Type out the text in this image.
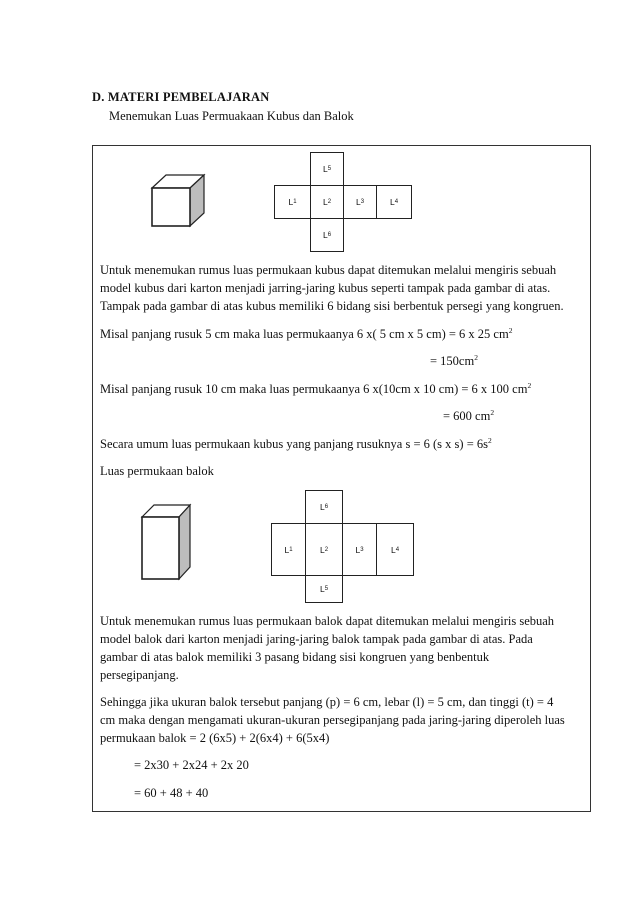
D. MATERI PEMBELAJARAN
Menemukan Luas Permuakaan Kubus dan Balok
L 5
L 1	L 2	L 3	L 4
L 6
Untuk menemukan rumus luas permukaan kubus dapat ditemukan melalui mengiris sebuah
model kubus dari karton menjadi jarring-jaring kubus seperti tampak pada gambar di atas.
Tampak pada gambar di atas kubus memiliki 6 bidang sisi berbentuk persegi yang kongruen.
Misal panjang rusuk 5 cm maka luas permukaanya 6 x( 5 cm x 5 cm) = 6 x 25 $cm^2$
= $150cm^2$
Misal panjang rusuk 10 cm maka luas permukaanya 6 x(10cm x 10 cm) = 6 x 100 $cm^2$
= 600 $cm^2$
Secara umum luas permukaan kubus yang panjang rusuknya s = 6 (s x $s) = 6s^2$
Luas permukaan balok
L 6
L 1	L 2	L 3	L 4
L 5
Untuk menemukan rumus luas permukaan balok dapat ditemukan melalui mengiris sebuah
model balok dari karton menjadi jaring-jaring balok tampak pada gambar di atas. Pada
gambar di atas balok memiliki 3 pasang bidang sisi kongruen yang benbentuk
persegipanjang.
Sehingga jika ukuran balok tersebut panjang (p) = 6 cm, lebar (l) = 5 cm, dan tinggi (t) = 4
cm maka dengan mengamati ukuran-ukuran persegipanjang pada jaring-jaring diperoleh luas
permukaan balok = 2 (6x5) + 2(6x4) + 6(5x4)
= 2x30 + 2x24 + 2x 20
= 60 + 48 + 40
